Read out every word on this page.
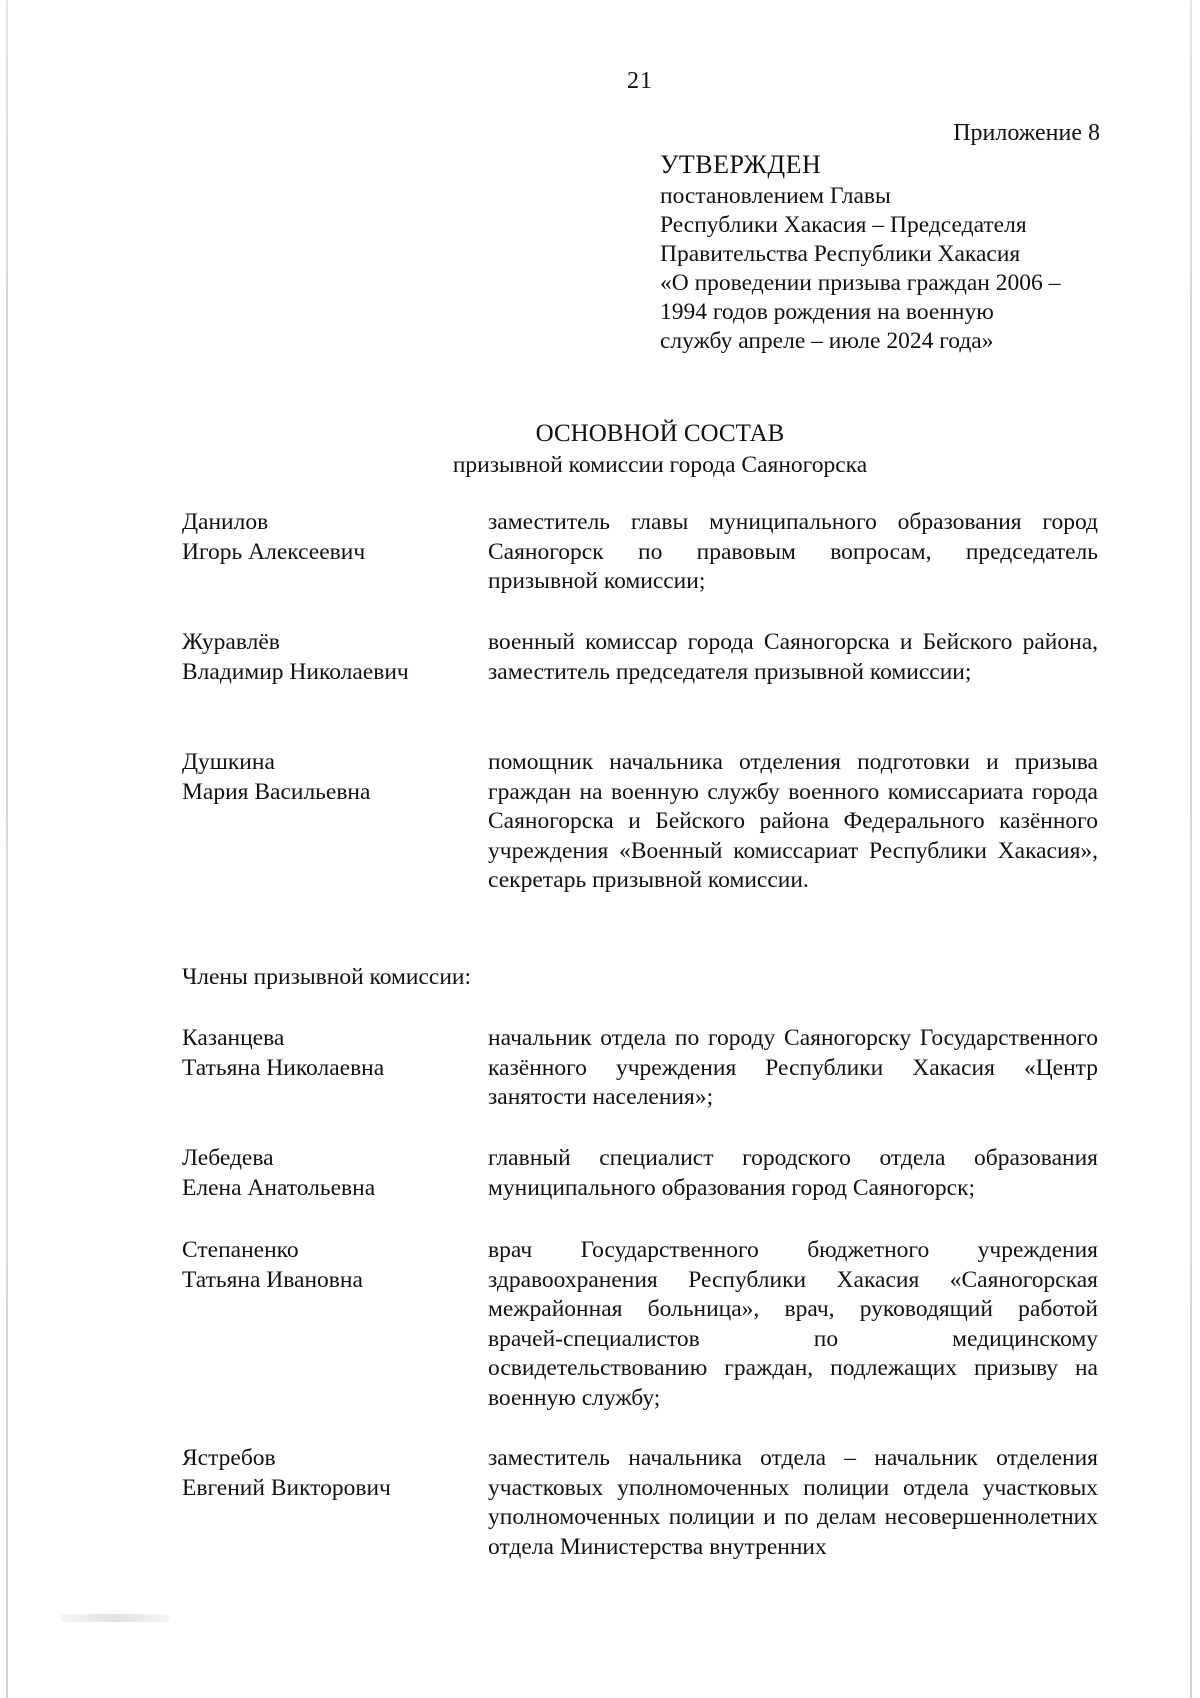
21
Приложение 8
УТВЕРЖДЕН
постановлением Главы
Республики Хакасия – Председателя
Правительства Республики Хакасия
«О проведении призыва граждан 2006 –
1994 годов рождения на военную
службу апреле – июле 2024 года»
ОСНОВНОЙ СОСТАВ
призывной комиссии города Саяногорска
Данилов
Игорь Алексеевич
заместитель главы муниципального образования город Саяногорск по правовым вопросам, председатель призывной комиссии;
Журавлёв
Владимир Николаевич
военный комиссар города Саяногорска и Бейского района, заместитель председателя призывной комиссии;
Душкина
Мария Васильевна
помощник начальника отделения подготовки и призыва граждан на военную службу военного комиссариата города Саяногорска и Бейского района Федерального казённого учреждения «Военный комиссариат Республики Хакасия», секретарь призывной комиссии.
Члены призывной комиссии:
Казанцева
Татьяна Николаевна
начальник отдела по городу Саяногорску Государственного казённого учреждения Республики Хакасия «Центр занятости населения»;
Лебедева
Елена Анатольевна
главный специалист городского отдела образования муниципального образования город Саяногорск;
Степаненко
Татьяна Ивановна
врач Государственного бюджетного учреждения здравоохранения Республики Хакасия «Саяногорская межрайонная больница», врач, руководящий работой врачей-специалистов по медицинскому освидетельствованию граждан, подлежащих призыву на военную службу;
Ястребов
Евгений Викторович
заместитель начальника отдела – начальник отделения участковых уполномоченных полиции отдела участковых уполномоченных полиции и по делам несовершеннолетних отдела Министерства внутренних
